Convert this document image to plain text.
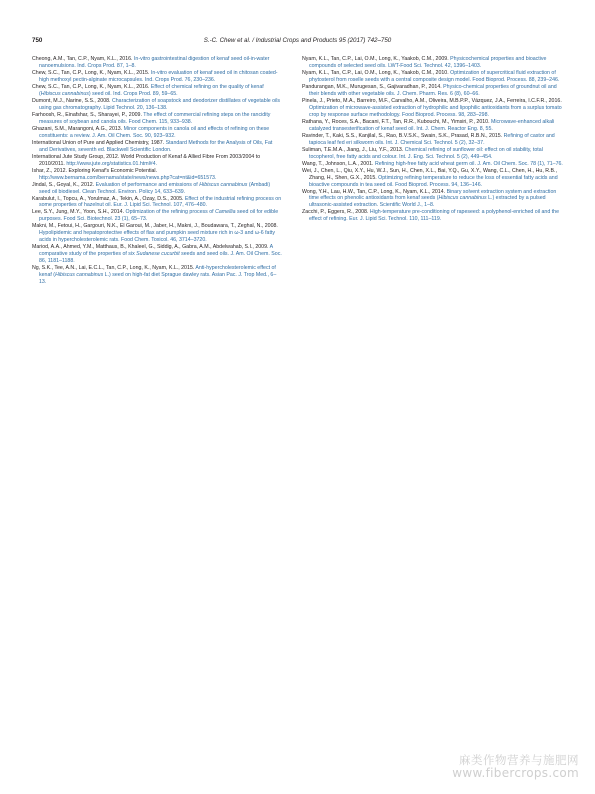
750	S.-C. Chew et al. / Industrial Crops and Products 95 (2017) 742–750
Cheong, A.M., Tan, C.P., Nyam, K.L., 2016. In-vitro gastrointestinal digestion of kenaf seed oil-in-water nanoemulsions. Ind. Crops Prod. 87, 1–8.
Chew, S.C., Tan, C.P., Long, K., Nyam, K.L., 2015. In-vitro evaluation of kenaf seed oil in chitosan coated-high methoxyl pectin-alginate microcapsules. Ind. Crops Prod. 76, 230–236.
Chew, S.C., Tan, C.P., Long, K., Nyam, K.L., 2016. Effect of chemical refining on the quality of kenaf (Hibiscus cannabinus) seed oil. Ind. Crops Prod. 89, 59–65.
Dumont, M.J., Narine, S.S., 2008. Characterization of soapstock and deodorizer distillates of vegetable oils using gas chromatography. Lipid Technol. 20, 136–138.
Farhoosh, R., Einafshar, S., Sharayei, P., 2009. The effect of commercial refining steps on the rancidity measures of soybean and canola oils. Food Chem. 115, 933–938.
Ghazani, S.M., Marangoni, A.G., 2013. Minor components in canola oil and effects of refining on these constituents: a review. J. Am. Oil Chem. Soc. 90, 923–932.
International Union of Pure and Applied Chemistry, 1987. Standard Methods for the Analysis of Oils, Fat and Derivatives, seventh ed. Blackwell Scientific London.
International Jute Study Group, 2012. World Production of Kenaf & Allied Fibre From 2003/2004 to 2010/2011. http://www.jute.org/statistics.01.html#4.
Ishar, Z., 2012. Exploring Kenaf's Economic Potential. http://www.bernama.com/bernama/state/news/news.php?cat=nt&id=651573.
Jindal, S., Goyal, K., 2012. Evaluation of performance and emissions of Hibiscus cannabinus (Ambadi) seed oil biodiesel. Clean Technol. Environ. Policy 14, 633–639.
Karabulut, I., Topcu, A., Yorulmaz, A., Tekin, A., Ozay, D.S., 2005. Effect of the industrial refining process on some properties of hazelnut oil. Eur. J. Lipid Sci. Technol. 107, 476–480.
Lee, S.Y., Jung, M.Y., Yoon, S.H., 2014. Optimization of the refining process of Camellia seed oil for edible purposes. Food Sci. Biotechnol. 23 (1), 65–73.
Makni, M., Fetoui, H., Gargouri, N.K., El Garoui, M., Jaber, H., Makni, J., Boudawara, T., Zeghal, N., 2008. Hypolipidemic and hepatoprotective effects of flax and pumpkin seed mixture rich in ω-3 and ω-6 fatty acids in hypercholesterolemic rats. Food Chem. Toxicol. 46, 3714–3720.
Mariod, A.A., Ahmed, Y.M., Matthaus, B., Khaleel, G., Siddig, A., Gabra, A.M., Abdelwahab, S.I., 2009. A comparative study of the properties of six Sudanese cucurbit seeds and seed oils. J. Am. Oil Chem. Soc. 86, 1181–1188.
Ng, S.K., Tee, A.N., Lai, E.C.L., Tan, C.P., Long, K., Nyam, K.L., 2015. Anti-hypercholesterolemic effect of kenaf (Hibiscus cannabinus L.) seed on high-fat diet Sprague dawley rats. Asian Pac. J. Trop Med., 6–13.
Nyam, K.L., Tan, C.P., Lai, O.M., Long, K., Yaakob, C.M., 2009. Physicochemical properties and bioactive compounds of selected seed oils. LWT-Food Sci. Technol. 42, 1396–1403.
Nyam, K.L., Tan, C.P., Lai, O.M., Long, K., Yaakob, C.M., 2010. Optimization of supercritical fluid extraction of phytosterol from roselle seeds with a central composite design model. Food Bioprod. Process. 88, 239–246.
Pandurangan, M.K., Murugesan, S., Gajivaradhan, P., 2014. Physico-chemical properties of groundnut oil and their blends with other vegetable oils. J. Chem. Pharm. Res. 6 (8), 60–66.
Pinela, J., Prieto, M.A., Barreiro, M.F., Carvalho, A.M., Oliveira, M.B.P.P., Vázquez, J.A., Ferreira, I.C.F.R., 2016. Optimization of microwave-assisted extraction of hydrophilic and lipophilic antioxidants from a surplus tomato crop by response surface methodology. Food Bioprod. Process. 98, 283–298.
Rathana, Y., Roces, S.A., Bacani, F.T., Tan, R.R., Kubouchi, M., Yimsiri, P., 2010. Microwave-enhanced alkali catalyzed transesterification of kenaf seed oil. Int. J. Chem. Reactor Eng. 8, 55.
Ravinder, T., Kaki, S.S., Kanjilal, S., Rao, B.V.S.K., Swain, S.K., Prasad, R.B.N., 2015. Refining of castor and tapioca leaf fed eri silkworm oils. Int. J. Chemical Sci. Technol. 5 (2), 32–37.
Suliman, T.E.M.A., Jiang, J., Liu, Y.F., 2013. Chemical refining of sunflower oil: effect on oil stability, total tocopherol, free fatty acids and colour. Int. J. Eng. Sci. Technol. 5 (2), 449–454.
Wang, T., Johnson, L.A., 2001. Refining high-free fatty acid wheat germ oil. J. Am. Oil Chem. Soc. 78 (1), 71–76.
Wei, J., Chen, L., Qiu, X.Y., Hu, W.J., Sun, H., Chen, X.L., Bai, Y.Q., Gu, X.Y., Wang, C.L., Chen, H., Hu, R.B., Zhang, H., Shen, G.X., 2015. Optimizing refining temperature to reduce the loss of essential fatty acids and bioactive compounds in tea seed oil. Food Bioprod. Process. 94, 136–146.
Wong, Y.H., Lau, H.W., Tan, C.P., Long, K., Nyam, K.L., 2014. Binary solvent extraction system and extraction time effects on phenolic antioxidants from kenaf seeds (Hibiscus cannabinus L.) extracted by a pulsed ultrasonic-assisted extraction. Scientific World J., 1–8.
Zacchi, P., Eggers, R., 2008. High-temperature pre-conditioning of rapeseed: a polyphenol-enriched oil and the effect of refining. Eur. J. Lipid Sci. Technol. 110, 111–119.
麻类作物营养与施肥网
www.fibercrops.com
